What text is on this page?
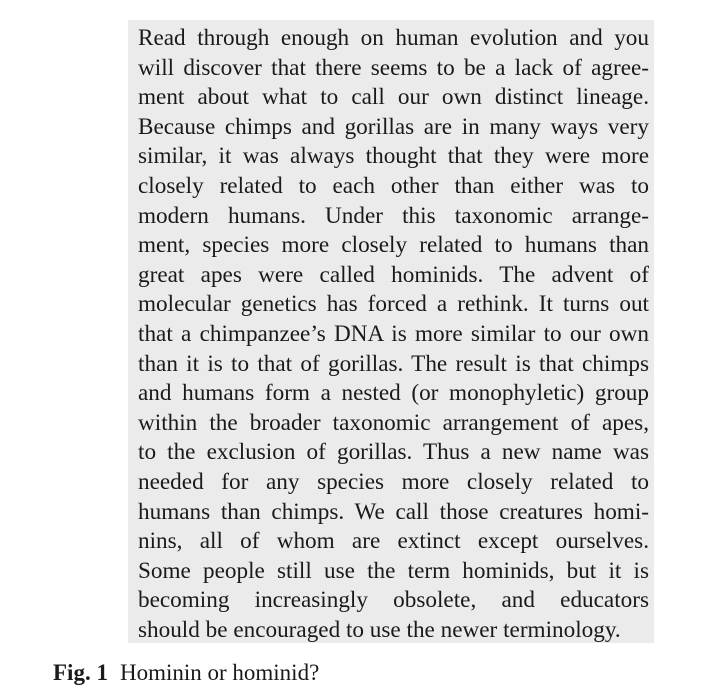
Read through enough on human evolution and you
will discover that there seems to be a lack of agree-
ment about what to call our own distinct lineage.
Because chimps and gorillas are in many ways very
similar, it was always thought that they were more
closely related to each other than either was to
modern humans. Under this taxonomic arrange-
ment, species more closely related to humans than
great apes were called hominids. The advent of
molecular genetics has forced a rethink. It turns out
that a chimpanzee’s DNA is more similar to our own
than it is to that of gorillas. The result is that chimps
and humans form a nested (or monophyletic) group
within the broader taxonomic arrangement of apes,
to the exclusion of gorillas. Thus a new name was
needed for any species more closely related to
humans than chimps. We call those creatures homi-
nins, all of whom are extinct except ourselves.
Some people still use the term hominids, but it is
becoming increasingly obsolete, and educators
should be encouraged to use the newer terminology.
Fig. 1 Hominin or hominid?
